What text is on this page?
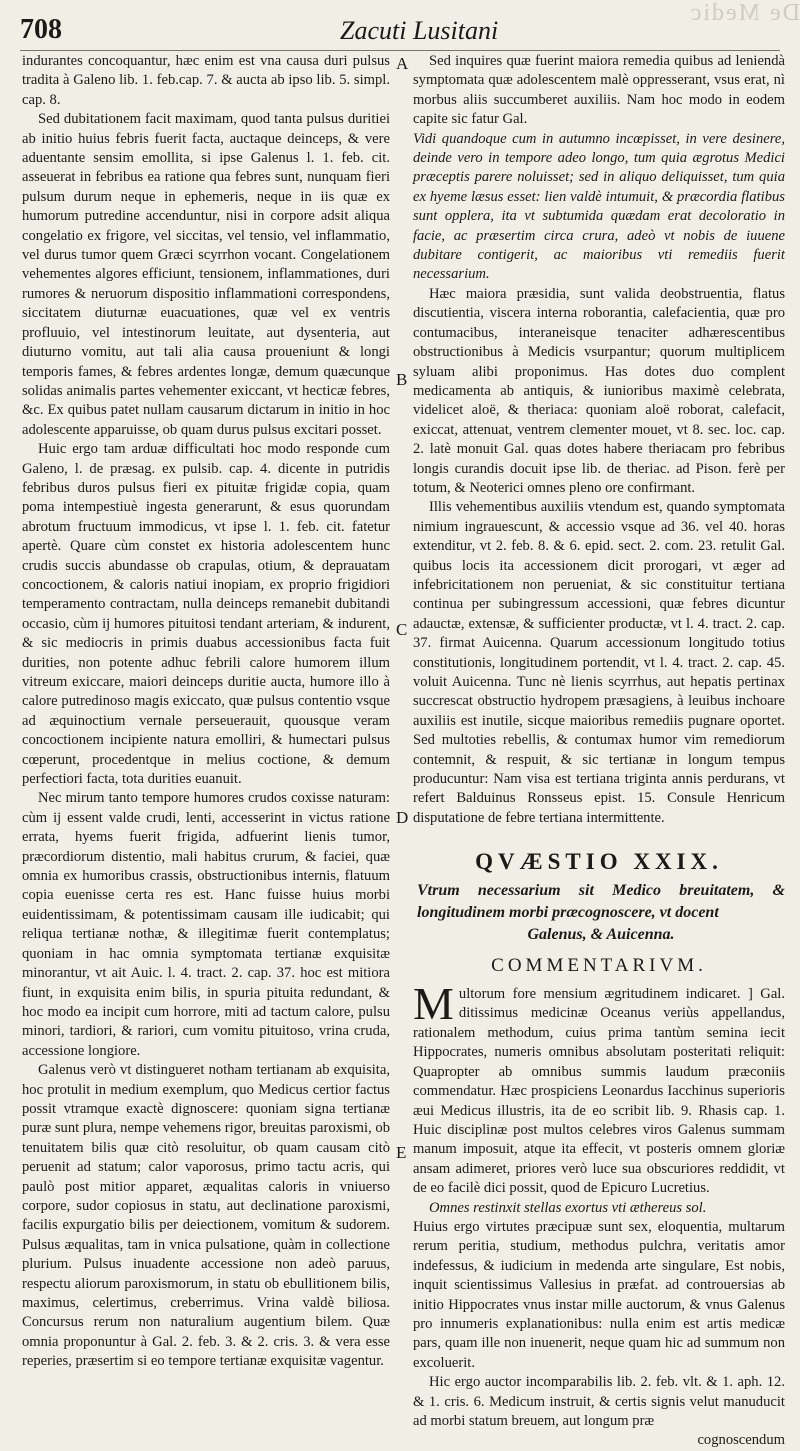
De Medic
708	Zacuti Lusitani
A
B
C
D
E

indurantes concoquantur, hæc enim est vna causa duri pulsus tradita à Galeno lib. 1. feb.cap. 7. & aucta ab ipso lib. 5. simpl. cap. 8.

Sed dubitationem facit maximam, quod tanta pulsus duritiei ab initio huius febris fuerit facta, auctaque deinceps, & vere aduentante sensim emollita, si ipse Galenus l. 1. feb. cit. asseuerat in febribus ea ratione qua febres sunt, nunquam fieri pulsum durum neque in ephemeris, neque in iis quæ ex humorum putredine accenduntur, nisi in corpore adsit aliqua congelatio ex frigore, vel siccitas, vel tensio, vel inflammatio, vel durus tumor quem Græci scyrrhon vocant. Congelationem vehementes algores efficiunt, tensionem, inflammationes, duri rumores & neruorum dispositio inflammationi correspondens, siccitatem diuturnæ euacuationes, quæ vel ex ventris profluuio, vel intestinorum leuitate, aut dysenteria, aut diuturno vomitu, aut tali alia causa proueniunt & longi temporis fames, & febres ardentes longæ, demum quæcunque solidas animalis partes vehementer exiccant, vt hecticæ febres, &c. Ex quibus patet nullam causarum dictarum in initio in hoc adolescente apparuisse, ob quam durus pulsus excitari posset.

Huic ergo tam arduæ difficultati hoc modo responde cum Galeno, l. de præsag. ex pulsib. cap. 4. dicente in putridis febribus duros pulsus fieri ex pituitæ frigidæ copia, quam poma intempestiuè ingesta generarunt, & esus quorundam abrotum fructuum immodicus, vt ipse l. 1. feb. cit. fatetur apertè. Quare cùm constet ex historia adolescentem hunc crudis succis abundasse ob crapulas, otium, & deprauatam concoctionem, & caloris natiui inopiam, ex proprio frigidiori temperamento contractam, nulla deinceps remanebit dubitandi occasio, cùm ij humores pituitosi tendant arteriam, & indurent, & sic mediocris in primis duabus accessionibus facta fuit durities, non potente adhuc febrili calore humorem illum vitreum exiccare, maiori deinceps duritie aucta, humore illo à calore putredinoso magis exiccato, quæ pulsus contentio vsque ad æquinoctium vernale perseuerauit, quousque veram concoctionem incipiente natura emolliri, & humectari pulsus cœperunt, procedentque in melius coctione, & demum perfectiori facta, tota durities euanuit.

Nec mirum tanto tempore humores crudos coxisse naturam: cùm ij essent valde crudi, lenti, accesserint in victus ratione errata, hyems fuerit frigida, adfuerint lienis tumor, præcordiorum distentio, mali habitus crurum, & faciei, quæ omnia ex humoribus crassis, obstructionibus internis, flatuum copia euenisse certa res est. Hanc fuisse huius morbi euidentissimam, & potentissimam causam ille iudicabit; qui reliqua tertianæ nothæ, & illegitimæ fuerit contemplatus; quoniam in hac omnia symptomata tertianæ exquisitæ minorantur, vt ait Auic. l. 4. tract. 2. cap. 37. hoc est mitiora fiunt, in exquisita enim bilis, in spuria pituita redundant, & hoc modo ea incipit cum horrore, miti ad tactum calore, pulsu minori, tardiori, & rariori, cum vomitu pituitoso, vrina cruda, accessione longiore.

Galenus verò vt distingueret notham tertianam ab exquisita, hoc protulit in medium exemplum, quo Medicus certior factus possit vtramque exactè dignoscere: quoniam signa tertianæ puræ sunt plura, nempe vehemens rigor, breuitas paroxismi, ob tenuitatem bilis quæ citò resoluitur, ob quam causam citò peruenit ad statum; calor vaporosus, primo tactu acris, qui paulò post mitior apparet, æqualitas caloris in vniuerso corpore, sudor copiosus in statu, aut declinatione paroxismi, facilis expurgatio bilis per deiectionem, vomitum & sudorem. Pulsus æqualitas, tam in vnica pulsatione, quàm in collectione plurium. Pulsus inuadente accessione non adeò paruus, respectu aliorum paroxismorum, in statu ob ebullitionem bilis, maximus, celertimus, creberrimus. Vrina valdè biliosa. Concursus rerum non naturalium augentium bilem. Quæ omnia proponuntur à Gal. 2. feb. 3. & 2. cris. 3. & vera esse reperies, præsertim si eo tempore tertianæ exquisitæ vagentur.

Sed inquires quæ fuerint maiora remedia quibus ad leniendà symptomata quæ adolescentem malè oppresserant, vsus erat, nì morbus aliis succumberet auxiliis. Nam hoc modo in eodem capite sic fatur Gal.

Vidi quandoque cum in autumno incœpisset, in vere desinere, deinde vero in tempore adeo longo, tum quia ægrotus Medici præceptis parere noluisset; sed in aliquo deliquisset, tum quia ex hyeme læsus esset: lien valdè intumuit, & præcordia flatibus sunt opplera, ita vt subtumida quædam erat decoloratio in facie, ac præsertim circa crura, adeò vt nobis de iuuene dubitare contigerit, ac maioribus vti remediis fuerit necessarium.

Hæc maiora præsidia, sunt valida deobstruentia, flatus discutientia, viscera interna roborantia, calefacientia, quæ pro contumacibus, interaneisque tenaciter adhærescentibus obstructionibus à Medicis vsurpantur; quorum multiplicem syluam alibi proponimus. Has dotes duo complent medicamenta ab antiquis, & iunioribus maximè celebrata, videlicet aloë, & theriaca: quoniam aloë roborat, calefacit, exiccat, attenuat, ventrem clementer mouet, vt 8. sec. loc. cap. 2. latè monuit Gal. quas dotes habere theriacam pro febribus longis curandis docuit ipse lib. de theriac. ad Pison. ferè per totum, & Neoterici omnes pleno ore confirmant.

Illis vehementibus auxiliis vtendum est, quando symptomata nimium ingrauescunt, & accessio vsque ad 36. vel 40. horas extenditur, vt 2. feb. 8. & 6. epid. sect. 2. com. 23. retulit Gal. quibus locis ita accessionem dicit prorogari, vt æger ad infebricitationem non perueniat, & sic constituitur tertiana continua per subingressum accessioni, quæ febres dicuntur adauctæ, extensæ, & sufficienter productæ, vt l. 4. tract. 2. cap. 37. firmat Auicenna. Quarum accessionum longitudo totius constitutionis, longitudinem portendit, vt l. 4. tract. 2. cap. 45. voluit Auicenna. Tunc nè lienis scyrrhus, aut hepatis pertinax succrescat obstructio hydropem præsagiens, à leuibus inchoare auxiliis est inutile, sicque maioribus remediis pugnare oportet. Sed multoties rebellis, & contumax humor vim remediorum contemnit, & respuit, & sic tertianæ in longum tempus producuntur: Nam visa est tertiana triginta annis perdurans, vt refert Balduinus Ronsseus epist. 15. Consule Henricum disputatione de febre tertiana intermittente.

QVÆSTIO XXIX.
Vtrum necessarium sit Medico breuitatem, & longitudinem morbi præcognoscere, vt docent
Galenus, & Auicenna.
COMMENTARIVM.

Multorum fore mensium ægritudinem indicaret. ] Gal. ditissimus medicinæ Oceanus veriùs appellandus, rationalem methodum, cuius prima tantùm semina iecit Hippocrates, numeris omnibus absolutam posteritati reliquit: Quapropter ab omnibus summis laudum præconiis commendatur. Hæc prospiciens Leonardus Iacchinus superioris æui Medicus illustris, ita de eo scribit lib. 9. Rhasis cap. 1. Huic disciplinæ post multos celebres viros Galenus summam manum imposuit, atque ita effecit, vt posteris omnem gloriæ ansam adimeret, priores verò luce sua obscuriores reddidit, vt de eo facilè dici possit, quod de Epicuro Lucretius.

Omnes restinxit stellas exortus vti æthereus sol.

Huius ergo virtutes præcipuæ sunt sex, eloquentia, multarum rerum peritia, studium, methodus pulchra, veritatis amor indefessus, & iudicium in medenda arte singulare, Est nobis, inquit scientissimus Vallesius in præfat. ad controuersias ab initio Hippocrates vnus instar mille auctorum, & vnus Galenus pro innumeris explanationibus: nulla enim est artis medicæ pars, quam ille non inuenerit, neque quam hic ad summum non excoluerit.

Hic ergo auctor incomparabilis lib. 2. feb. vlt. & 1. aph. 12. & 1. cris. 6. Medicum instruit, & certis signis velut manuducit ad morbi statum breuem, aut longum præ

cognoscendum
